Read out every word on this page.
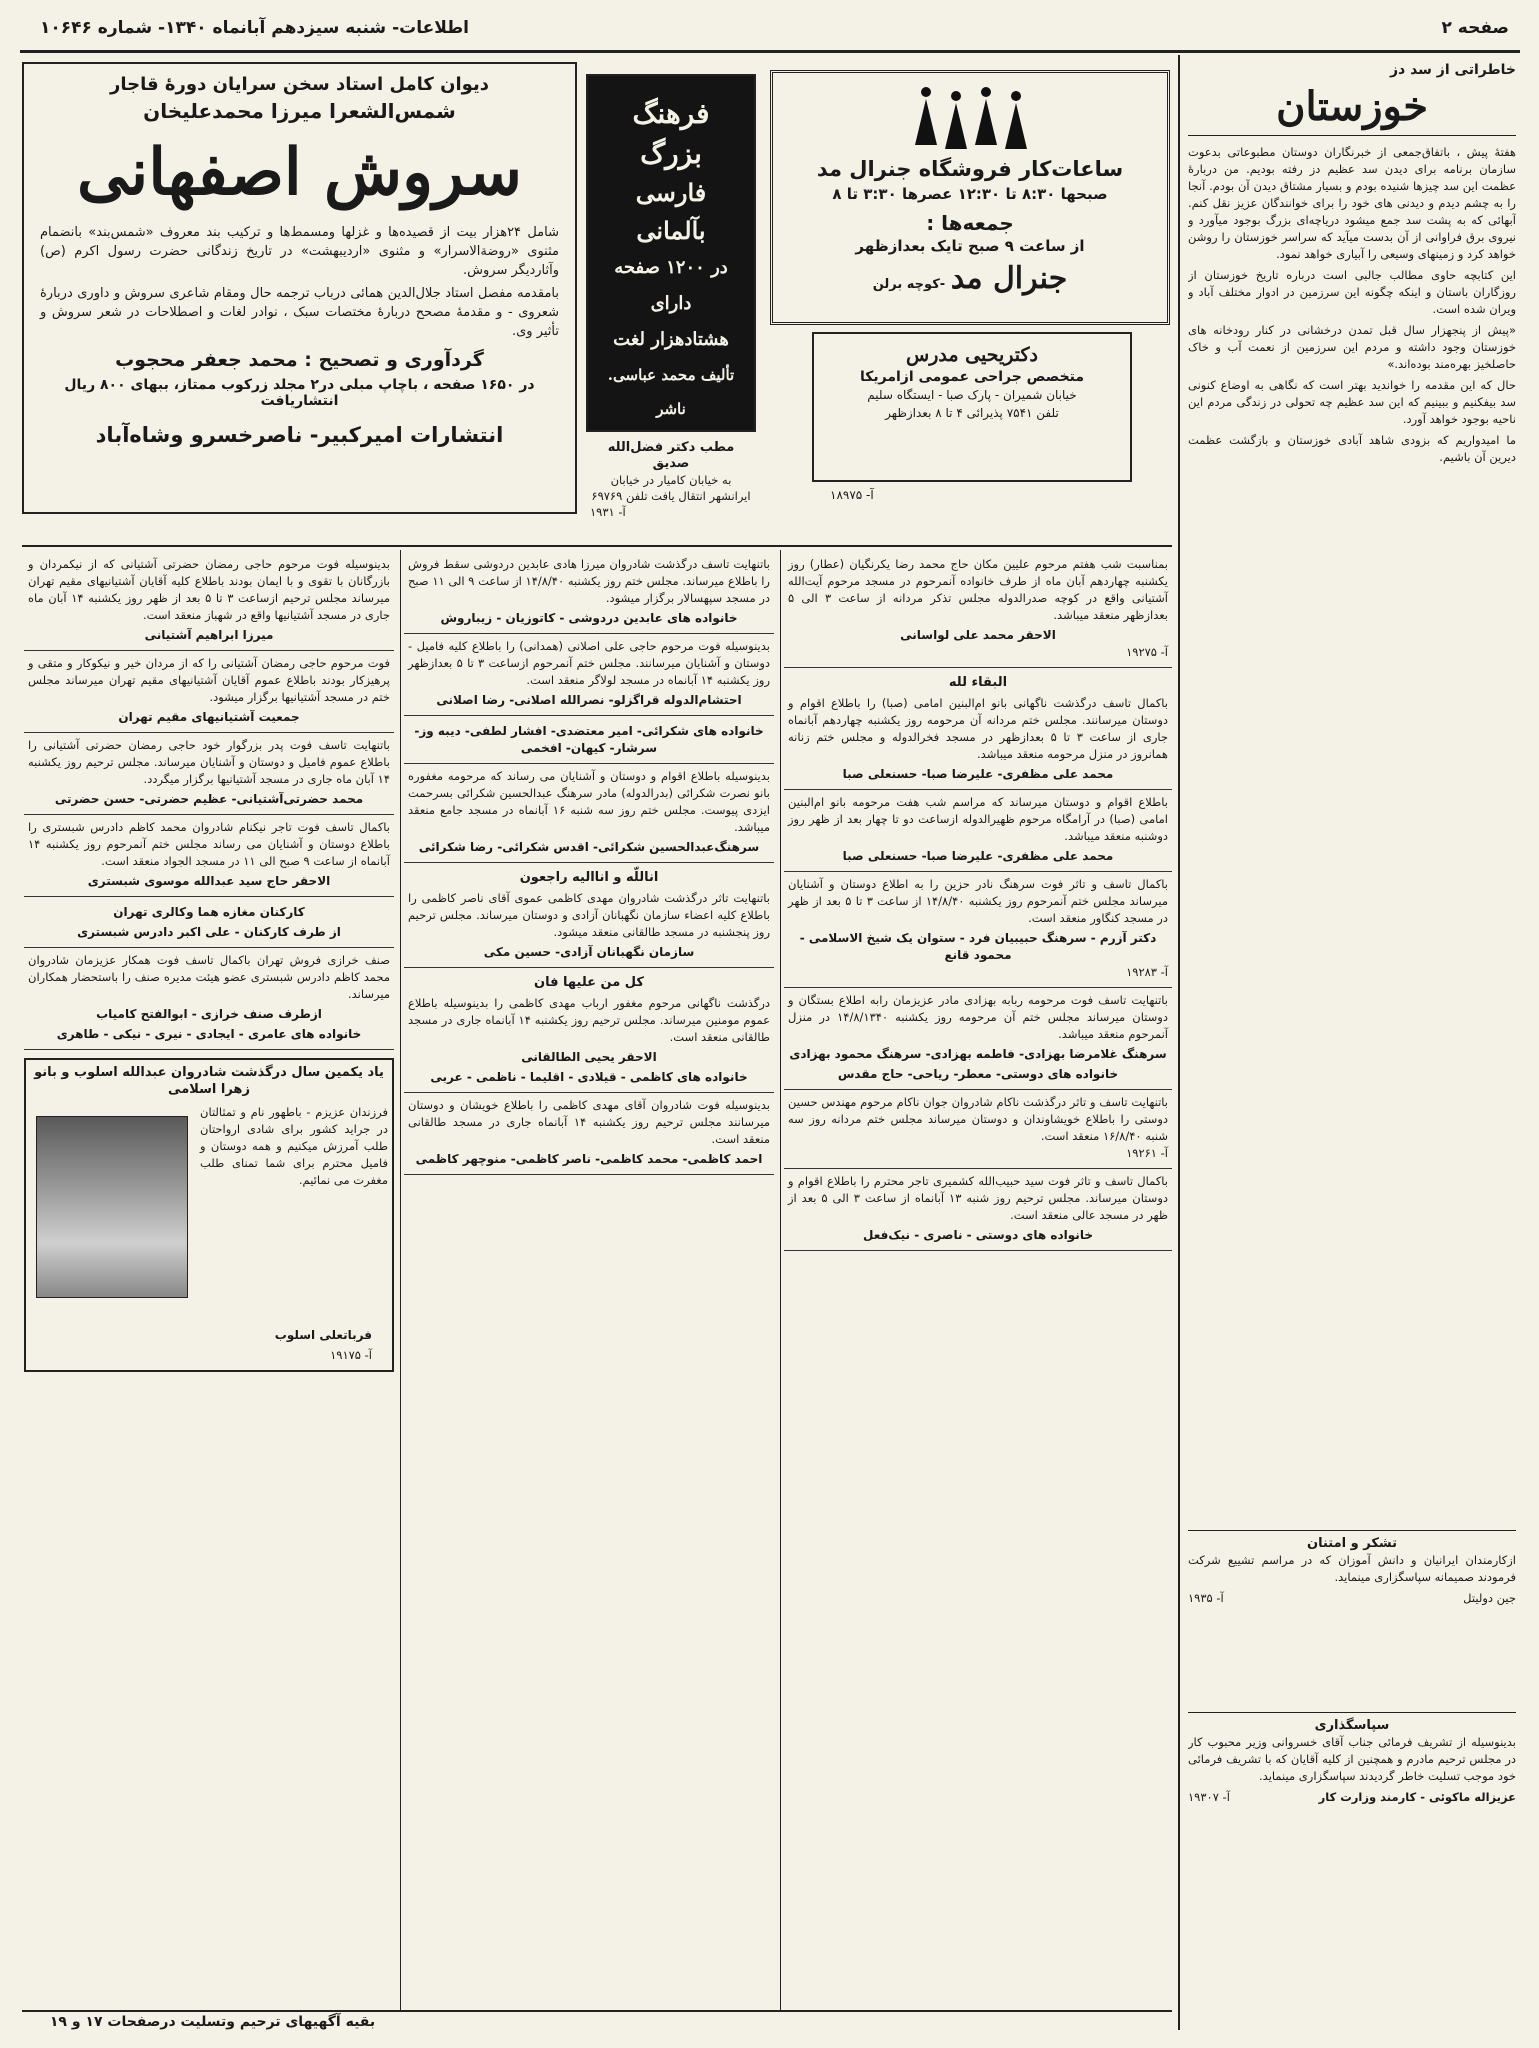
صفحه ۲
اطلاعات- شنبه سیزدهم آبانماه ۱۳۴۰- شماره ۱۰۶۴۶
دیوان کامل استاد سخن سرایان دورهٔ قاجار
شمس‌الشعرا میرزا محمدعلیخان
سروش اصفهانی

شامل ۲۴هزار بیت از قصیده‌ها و غزلها ومسمط‌ها و ترکیب بند معروف «شمس‌بند» بانضمام مثنوی «روضة‌الاسرار» و مثنوی «اردیبهشت» در تاریخ زندگانی حضرت رسول اکرم (ص) وآثاردیگر سروش.

بامقدمه مفصل استاد جلال‌الدین همائی درباب ترجمه حال ومقام شاعری سروش و داوری دربارهٔ شعروی - و مقدمهٔ مصحح دربارهٔ مختصات سبک ، نوادر لغات و اصطلاحات در شعر سروش و تأثیر وی.

گردآوری و تصحیح : محمد جعفر محجوب
در ۱۶۵۰ صفحه ، باچاپ مبلی در۲ مجلد زرکوب ممتاز، ببهای ۸۰۰ ریال انتشاریافت
انتشارات امیرکبیر- ناصرخسرو وشاه‌آباد
فرهنگ بزرگ
فارسی بآلمانی
در ۱۲۰۰ صفحه دارای
هشتادهزار لغت
تألیف محمد عباسی. ناشر
مطب دکتر فضل‌الله صدیق
به خیابان کامیار در خیابان ایرانشهر انتقال یافت تلفن ۶۹۷۶۹
آ- ۱۹۳۱
ساعات‌کار فروشگاه جنرال مد
صبحها ۸:۳۰ تا ۱۲:۳۰ عصرها ۳:۳۰ تا ۸
جمعه‌ها :
از ساعت ۹ صبح تایک بعدازظهر
جنرال مد -کوچه برلن
دکتریحیی مدرس
متخصص جراحی عمومی ازامریکا
خیابان شمیران - پارک صبا - ایستگاه سلیم
تلفن ۷۵۴۱ پذیرائی ۴ تا ۸ بعدازظهر
آ- ۱۸۹۷۵
خاطراتی از سد دز
خوزستان

هفتهٔ پیش ، باتفاق‌جمعی از خبرنگاران دوستان مطبوعاتی بدعوت سازمان برنامه برای دیدن سد عظیم دز رفته بودیم. من دربارهٔ عظمت این سد چیزها شنیده بودم و بسیار مشتاق دیدن آن بودم. آنجا را به چشم دیدم و دیدنی های خود را برای خوانندگان عزیز نقل کنم. آبهائی که به پشت سد جمع میشود دریاچه‌ای بزرگ بوجود میآورد و نیروی برق فراوانی از آن بدست میآید که سراسر خوزستان را روشن خواهد کرد و زمینهای وسیعی را آبیاری خواهد نمود.

این کتابچه حاوی مطالب جالبی است درباره تاریخ خوزستان از روزگاران باستان و اینکه چگونه این سرزمین در ادوار مختلف آباد و ویران شده است.

«پیش از پنجهزار سال قبل تمدن درخشانی در کنار رودخانه های خوزستان وجود داشته و مردم این سرزمین از نعمت آب و خاک حاصلخیز بهره‌مند بوده‌اند.»

حال که این مقدمه را خواندید بهتر است که نگاهی به اوضاع کنونی سد بیفکنیم و ببینیم که این سد عظیم چه تحولی در زندگی مردم این ناحیه بوجود خواهد آورد.

ما امیدواریم که بزودی شاهد آبادی خوزستان و بازگشت عظمت دیرین آن باشیم.

تشکر و امتنان

ازکارمندان ایرانیان و دانش آموزان که در مراسم تشییع شرکت فرمودند صمیمانه سپاسگزاری مینماید.

جین دولیتل
آ- ۱۹۳۵
سپاسگذاری

بدینوسیله از تشریف فرمائی جناب آقای خسروانی وزیر محبوب کار در مجلس ترحیم مادرم و همچنین از کلیه آقایان که با تشریف فرمائی خود موجب تسلیت خاطر گردیدند سپاسگزاری مینماید.

عزیزاله ماکوئی - کارمند وزارت کار
آ- ۱۹۳۰۷

بدینوسیله فوت مرحوم حاجی رمضان حضرتی آشتیانی که از نیکمردان و بازرگانان با تقوی و با ایمان بودند باطلاع کلیه آقایان آشتیانیهای مقیم تهران میرساند مجلس ترحیم ازساعت ۳ تا ۵ بعد از ظهر روز یکشنبه ۱۴ آبان ماه جاری در مسجد آشتیانیها واقع در شهباز منعقد است.

میرزا ابراهیم آشتیانی

فوت مرحوم حاجی رمضان آشتیانی را که از مردان خیر و نیکوکار و متقی و پرهیزکار بودند باطلاع عموم آقایان آشتیانیهای مقیم تهران میرساند مجلس ختم در مسجد آشتیانیها برگزار میشود.

جمعیت آشتیانیهای مقیم تهران

باتنهایت تاسف فوت پدر بزرگوار خود حاجی رمضان حضرتی آشتیانی را باطلاع عموم فامیل و دوستان و آشنایان میرساند. مجلس ترحیم روز یکشنبه ۱۴ آبان ماه جاری در مسجد آشتیانیها برگزار میگردد.

محمد حضرتی‌آشتیانی- عظیم حضرتی- حسن حضرتی

باکمال تاسف فوت تاجر نیکنام شادروان محمد کاظم دادرس شبستری را باطلاع دوستان و آشنایان می رساند مجلس ختم آنمرحوم روز یکشنبه ۱۴ آبانماه از ساعت ۹ صبح الی ۱۱ در مسجد الجواد منعقد است.

الاحقر حاج سید عبدالله موسوی شبستری
کارکنان مغازه هما وکالری تهران
از طرف کارکنان - علی اکبر دادرس شبستری

صنف خرازی فروش تهران باکمال تاسف فوت همکار عزیزمان شادروان محمد کاظم دادرس شبستری عضو هیئت مدیره صنف را باستحضار همکاران میرساند.

ازطرف صنف خرازی - ابوالفتح کامیاب
خانواده های عامری - ایجادی - نیری - نیکی - طاهری
یاد یکمین سال درگذشت شادروان عبدالله اسلوب و بانو زهرا اسلامی

فرزندان عزیزم - باطهور نام و تمثالتان در جراید کشور برای شادی ارواحتان طلب آمرزش میکنیم و همه دوستان و فامیل محترم برای شما تمنای طلب مغفرت می نمائیم.

فرباتعلی اسلوب
آ- ۱۹۱۷۵

باتنهایت تاسف درگذشت شادروان میرزا هادی عابدین دردوشی سقط فروش را باطلاع میرساند. مجلس ختم روز یکشنبه ۱۴/۸/۴۰ از ساعت ۹ الی ۱۱ صبح در مسجد سپهسالار برگزار میشود.

خانواده های عابدین دردوشی - کاتوزیان - زیباروش

بدینوسیله فوت مرحوم حاجی علی اصلانی (همدانی) را باطلاع کلیه فامیل - دوستان و آشنایان میرسانند. مجلس ختم آنمرحوم ازساعت ۳ تا ۵ بعدازظهر روز یکشنبه ۱۴ آبانماه در مسجد لولاگر منعقد است.

احتشام‌الدوله قراگزلو- نصرالله اصلانی- رضا اصلانی
خانواده های شکرائی- امیر معتضدی- افشار لطفی- دیبه وز- سرشار- کیهان- افخمی

بدینوسیله باطلاع اقوام و دوستان و آشنایان می رساند که مرحومه مغفوره بانو نصرت شکرائی (بدرالدوله) مادر سرهنگ عبدالحسین شکرائی بسرحمت ایزدی پیوست. مجلس ختم روز سه شنبه ۱۶ آبانماه در مسجد جامع منعقد میباشد.

سرهنگ‌عبدالحسین شکرائی- اقدس شکرائی- رضا شکرائی
اناللّه و اناالیه راجعون

باتنهایت تاثر درگذشت شادروان مهدی کاظمی عموی آقای ناصر کاظمی را باطلاع کلیه اعضاء سازمان نگهبانان آزادی و دوستان میرساند. مجلس ترحیم روز پنجشنبه در مسجد طالقانی منعقد میشود.

سازمان نگهبانان آزادی- حسین مکی
کل من علیها فان

درگذشت ناگهانی مرحوم مغفور ارباب مهدی کاظمی را بدینوسیله باطلاع عموم مومنین میرساند. مجلس ترحیم روز یکشنبه ۱۴ آبانماه جاری در مسجد طالقانی منعقد است.

الاحقر یحیی الطالقانی
خانواده های کاظمی - قیلادی - اقلیما - ناظمی - عربی

بدینوسیله فوت شادروان آقای مهدی کاظمی را باطلاع خویشان و دوستان میرسانند مجلس ترحیم روز یکشنبه ۱۴ آبانماه جاری در مسجد طالقانی منعقد است.

احمد کاظمی- محمد کاظمی- ناصر کاظمی- منوچهر کاظمی

بمناسبت شب هفتم مرحوم علیین مکان حاج محمد رضا یکرنگیان (عطار) روز یکشنبه چهاردهم آبان ماه از طرف خانواده آنمرحوم در مسجد مرحوم آیت‌الله آشتیانی واقع در کوچه صدرالدوله مجلس تذکر مردانه از ساعت ۳ الی ۵ بعدازظهر منعقد میباشد.

الاحقر محمد علی لواسانی
آ- ۱۹۲۷۵
البقاء لله

باکمال تاسف درگذشت ناگهانی بانو ام‌البنین امامی (صبا) را باطلاع اقوام و دوستان میرسانند. مجلس ختم مردانه آن مرحومه روز یکشنبه چهاردهم آبانماه جاری از ساعت ۳ تا ۵ بعدازظهر در مسجد فخرالدوله و مجلس ختم زنانه همانروز در منزل مرحومه منعقد میباشد.

محمد علی مظفری- علیرضا صبا- حسنعلی صبا

باطلاع اقوام و دوستان میرساند که مراسم شب هفت مرحومه بانو ام‌البنین امامی (صبا) در آرامگاه مرحوم ظهیرالدوله ازساعت دو تا چهار بعد از ظهر روز دوشنبه منعقد میباشد.

محمد علی مظفری- علیرضا صبا- حسنعلی صبا

باکمال تاسف و تاثر فوت سرهنگ نادر حزین را به اطلاع دوستان و آشنایان میرساند مجلس ختم آنمرحوم روز یکشنبه ۱۴/۸/۴۰ از ساعت ۳ تا ۵ بعد از ظهر در مسجد کنگاور منعقد است.

دکتر آزرم - سرهنگ حبیبیان فرد - ستوان یک شیخ الاسلامی - محمود قانع
آ- ۱۹۲۸۳

باتنهایت تاسف فوت مرحومه ربابه بهزادی مادر عزیزمان رابه اطلاع بستگان و دوستان میرساند مجلس ختم آن مرحومه روز یکشنبه ۱۴/۸/۱۳۴۰ در منزل آنمرحوم منعقد میباشد.

سرهنگ غلامرضا بهزادی- فاطمه بهزادی- سرهنگ محمود بهزادی
خانواده های دوستی- معطر- ریاحی- حاج مقدس

باتنهایت تاسف و تاثر درگذشت ناکام شادروان جوان ناکام مرحوم مهندس حسین دوستی را باطلاع خویشاوندان و دوستان میرساند مجلس ختم مردانه روز سه شنبه ۱۶/۸/۴۰ منعقد است.

آ- ۱۹۲۶۱

باکمال تاسف و تاثر فوت سید حبیب‌الله کشمیری تاجر محترم را باطلاع اقوام و دوستان میرساند. مجلس ترحیم روز شنبه ۱۳ آبانماه از ساعت ۳ الی ۵ بعد از ظهر در مسجد عالی منعقد است.

خانواده های دوستی - ناصری - نیک‌فعل
بقیه آگهیهای ترحیم وتسلیت درصفحات ۱۷ و ۱۹
